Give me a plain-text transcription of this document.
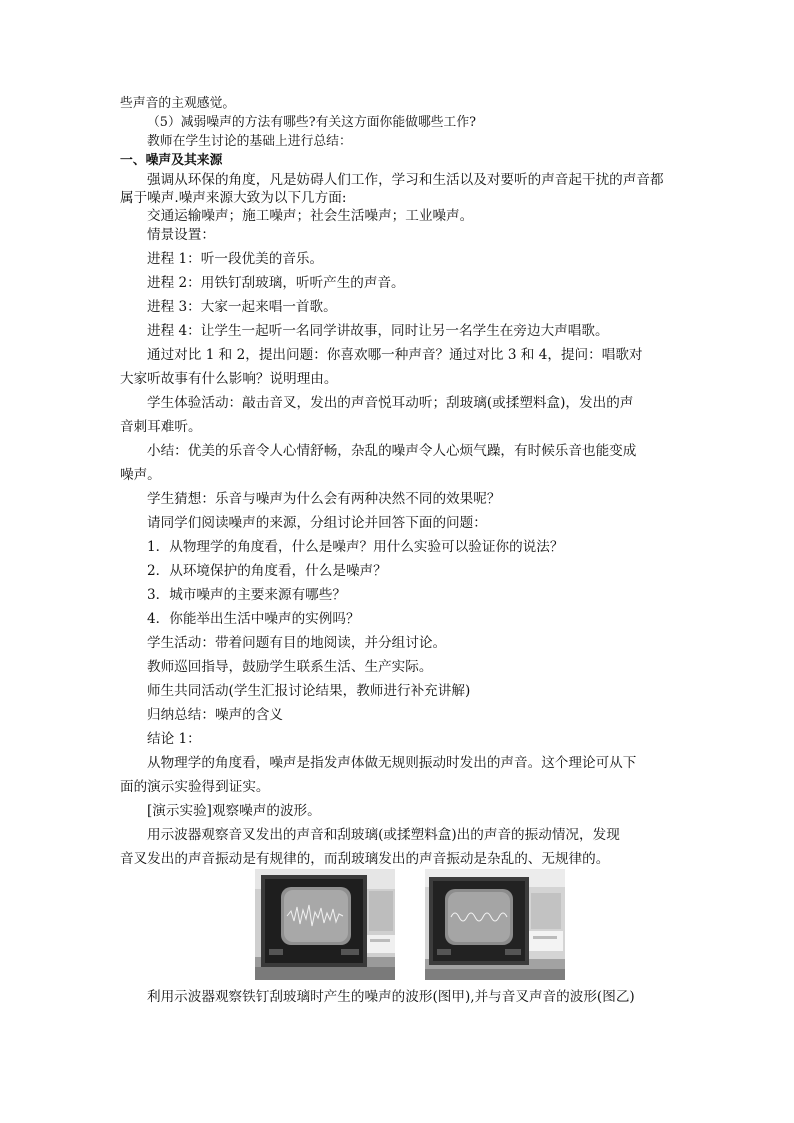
些声音的主观感觉。
（5）减弱噪声的方法有哪些?有关这方面你能做哪些工作?
教师在学生讨论的基础上进行总结：
一、噪声及其来源
强调从环保的角度，凡是妨碍人们工作，学习和生活以及对要听的声音起干扰的声音都
属于噪声.噪声来源大致为以下几方面:
交通运输噪声；施工噪声；社会生活噪声；工业噪声。
情景设置：
进程 1：听一段优美的音乐。
进程 2：用铁钉刮玻璃，听听产生的声音。
进程 3：大家一起来唱一首歌。
进程 4：让学生一起听一名同学讲故事，同时让另一名学生在旁边大声唱歌。
通过对比 1 和 2，提出问题：你喜欢哪一种声音？通过对比 3 和 4，提问：唱歌对
大家听故事有什么影响？说明理由。
学生体验活动：敲击音叉，发出的声音悦耳动听；刮玻璃(或揉塑料盒)，发出的声
音刺耳难听。
小结：优美的乐音令人心情舒畅，杂乱的噪声令人心烦气躁，有时候乐音也能变成
噪声。
学生猜想：乐音与噪声为什么会有两种决然不同的效果呢？
请同学们阅读噪声的来源，分组讨论并回答下面的问题：
1．从物理学的角度看，什么是噪声？用什么实验可以验证你的说法？
2．从环境保护的角度看，什么是噪声？
3．城市噪声的主要来源有哪些？
4．你能举出生活中噪声的实例吗？
学生活动：带着问题有目的地阅读，并分组讨论。
教师巡回指导，鼓励学生联系生活、生产实际。
师生共同活动(学生汇报讨论结果，教师进行补充讲解)
归纳总结：噪声的含义
结论 1：
从物理学的角度看，噪声是指发声体做无规则振动时发出的声音。这个理论可从下
面的演示实验得到证实。
[演示实验]观察噪声的波形。
用示波器观察音叉发出的声音和刮玻璃(或揉塑料盒)出的声音的振动情况，发现
音叉发出的声音振动是有规律的，而刮玻璃发出的声音振动是杂乱的、无规律的。
利用示波器观察铁钉刮玻璃时产生的噪声的波形(图甲),并与音叉声音的波形(图乙)
